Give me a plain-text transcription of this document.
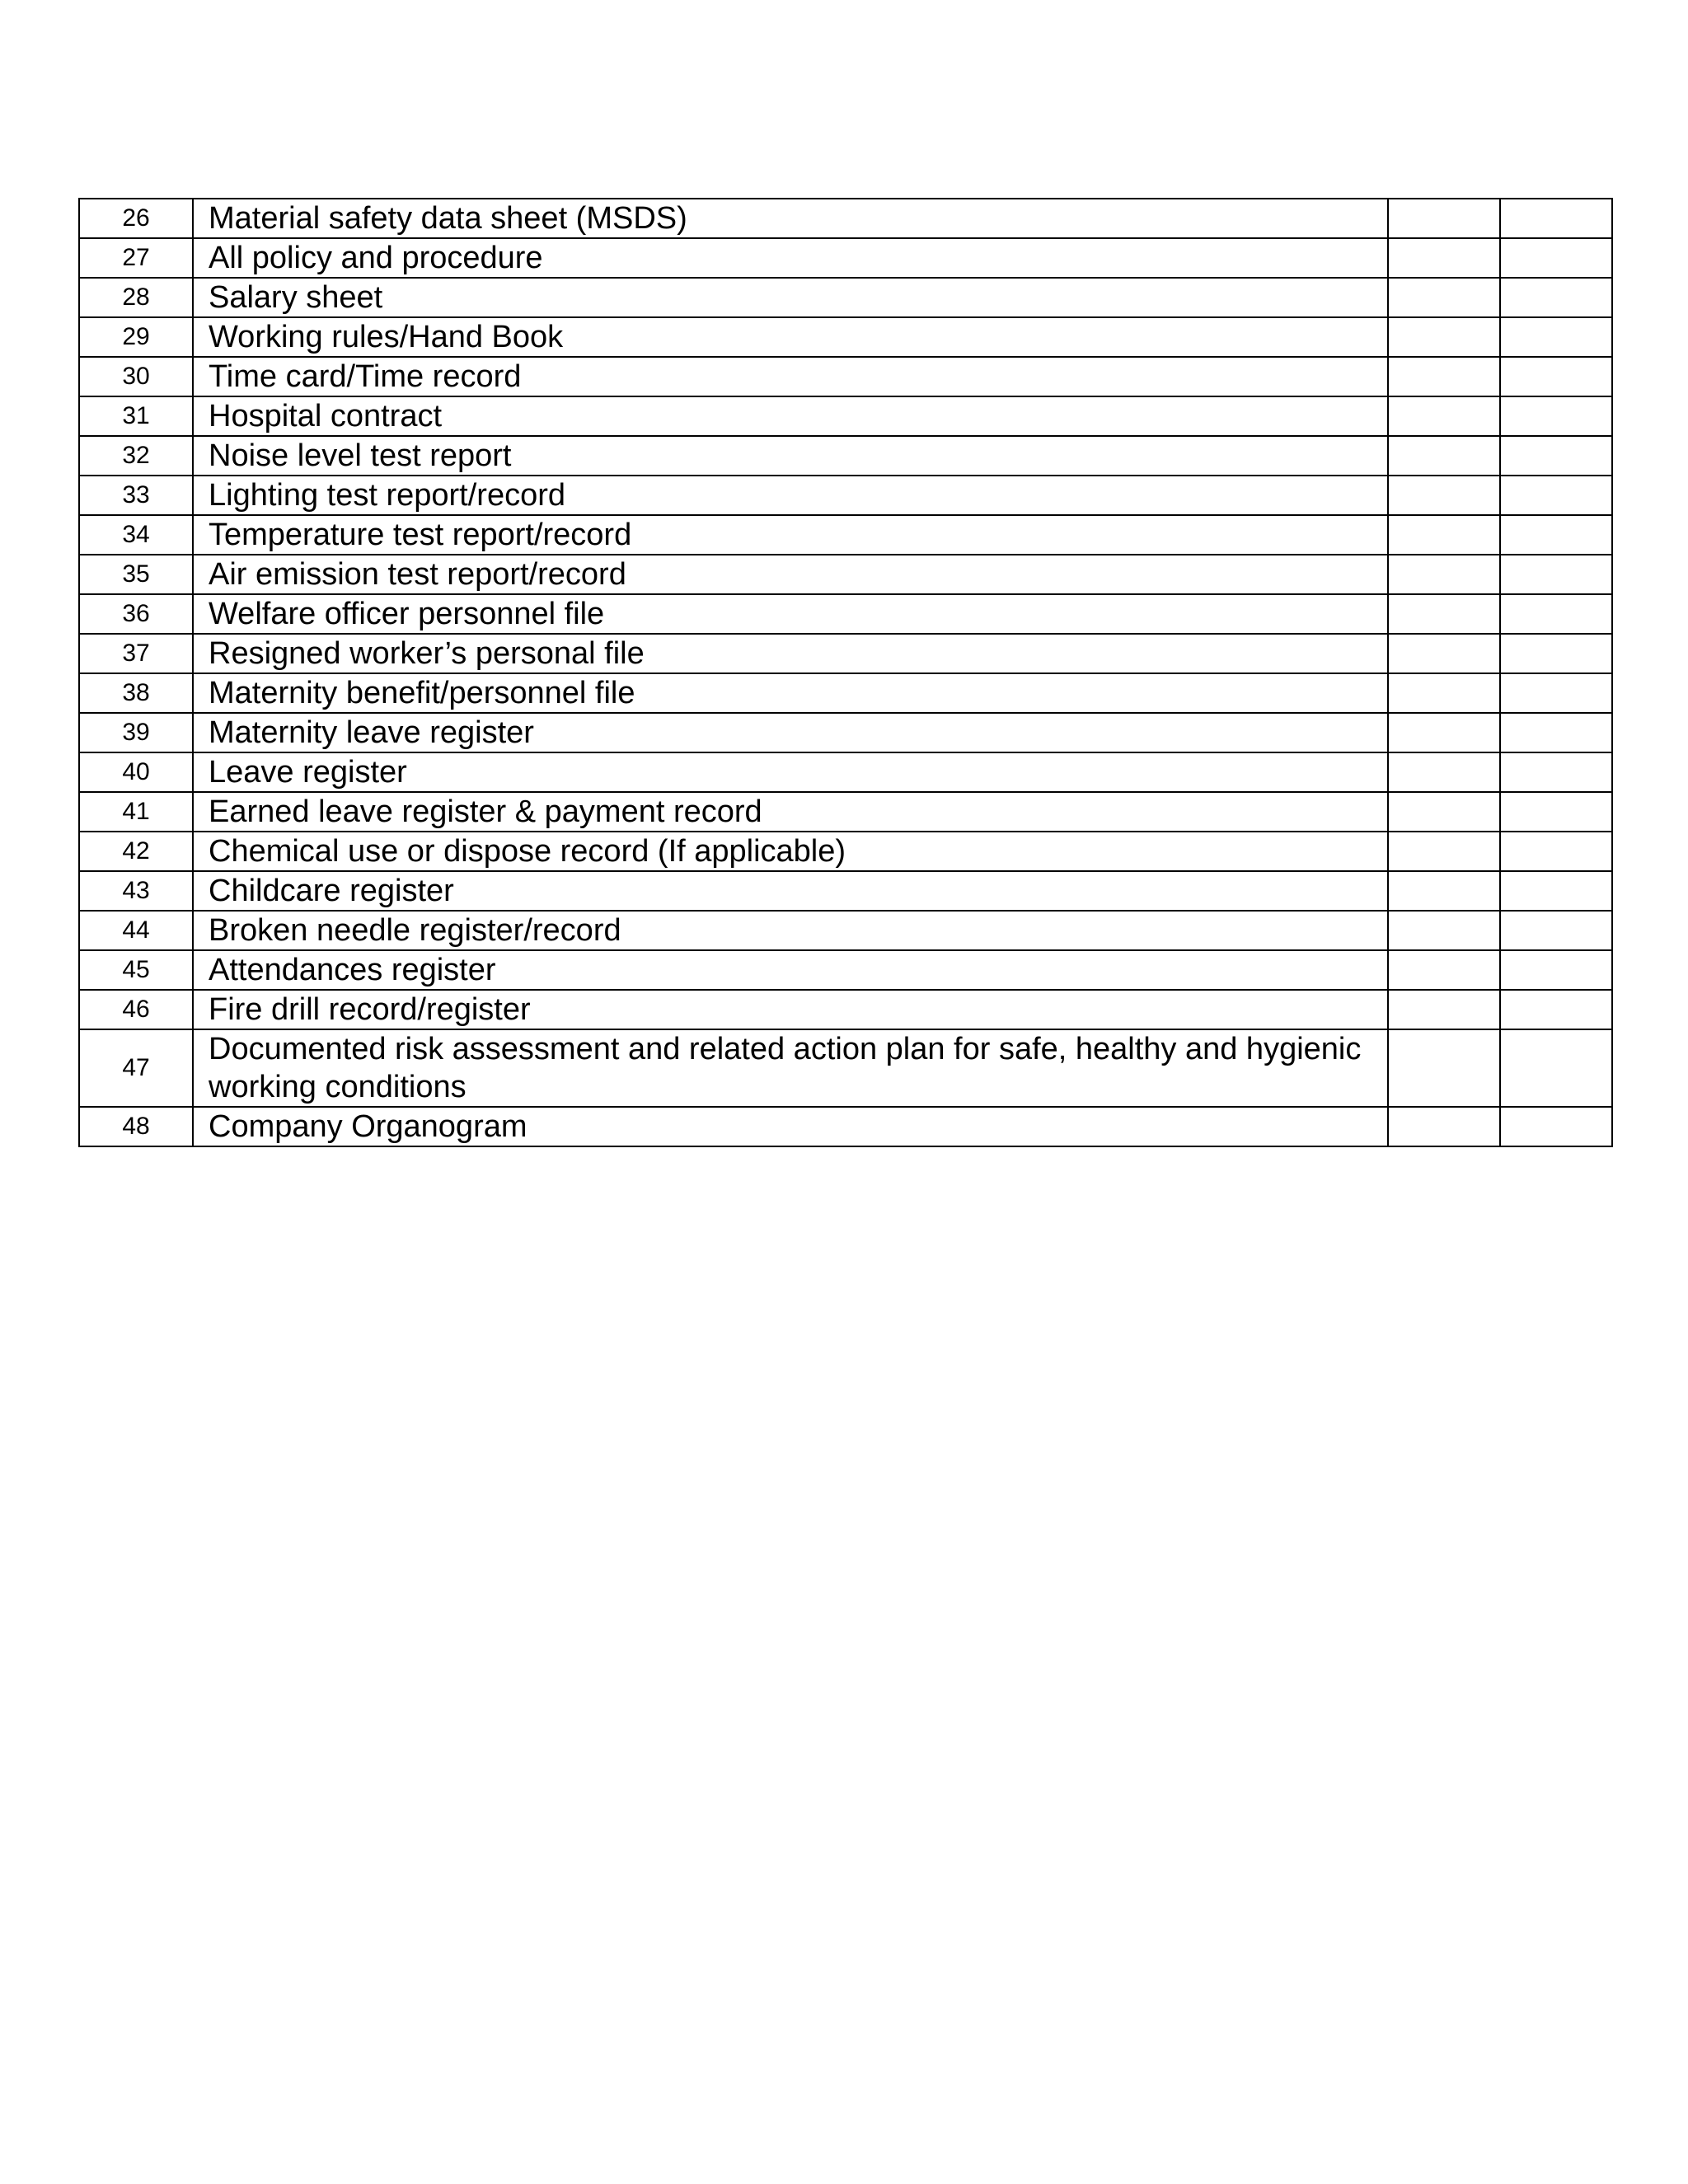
26	Material safety data sheet (MSDS)		
27	All policy and procedure		
28	Salary sheet		
29	Working rules/Hand Book		
30	Time card/Time record		
31	Hospital contract		
32	Noise level test report		
33	Lighting test report/record		
34	Temperature test report/record		
35	Air emission test report/record		
36	Welfare officer personnel file		
37	Resigned worker’s personal file		
38	Maternity benefit/personnel file		
39	Maternity leave register		
40	Leave register		
41	Earned leave register & payment record		
42	Chemical use or dispose record (If applicable)		
43	Childcare register		
44	Broken needle register/record		
45	Attendances register		
46	Fire drill record/register		
47	Documented risk assessment and related action plan for safe, healthy and hygienic working conditions		
48	Company Organogram		
